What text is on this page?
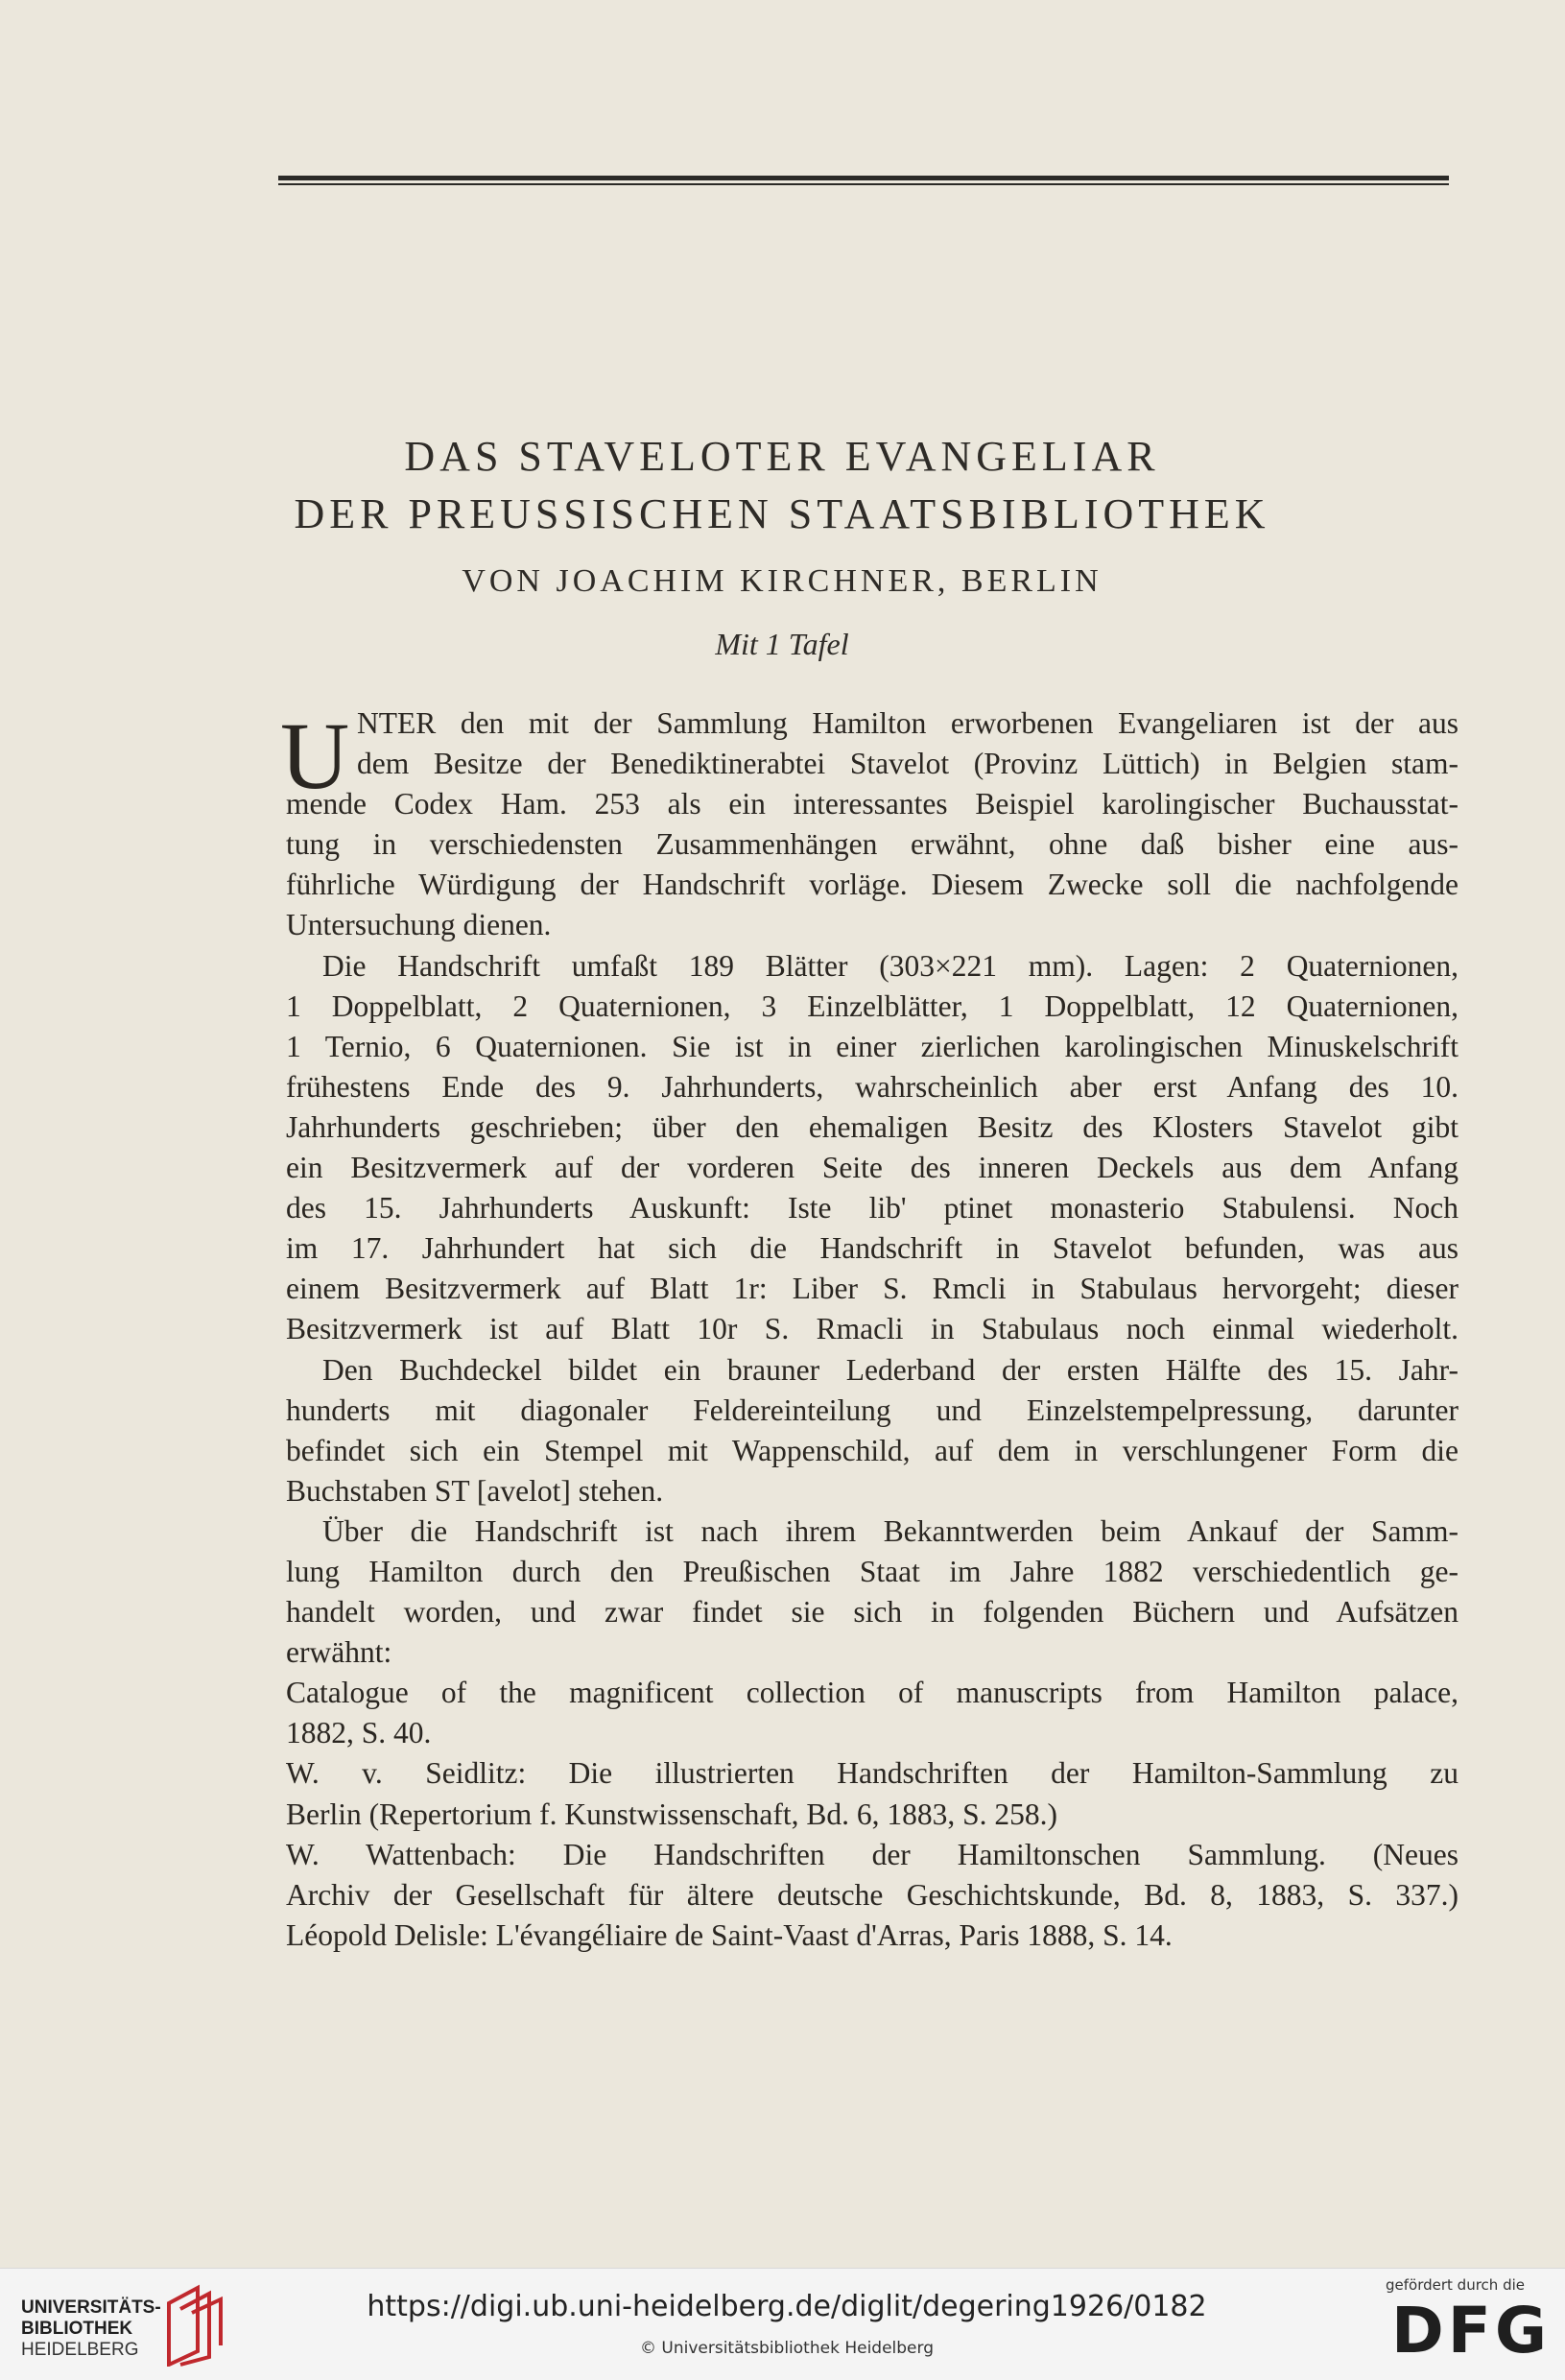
DAS STAVELOTER EVANGELIAR
DER PREUSSISCHEN STAATSBIBLIOTHEK
VON JOACHIM KIRCHNER, BERLIN
Mit 1 Tafel
U NTER den mit der Sammlung Hamilton erworbenen Evangeliaren ist der aus
dem Besitze der Benediktinerabtei Stavelot (Provinz Lüttich) in Belgien stam-
mende Codex Ham. 253 als ein interessantes Beispiel karolingischer Buchausstat-
tung in verschiedensten Zusammenhängen erwähnt, ohne daß bisher eine aus-
führliche Würdigung der Handschrift vorläge. Diesem Zwecke soll die nachfolgende
Untersuchung dienen.
Die Handschrift umfaßt 189 Blätter (303×221 mm). Lagen: 2 Quaternionen,
1 Doppelblatt, 2 Quaternionen, 3 Einzelblätter, 1 Doppelblatt, 12 Quaternionen,
1 Ternio, 6 Quaternionen. Sie ist in einer zierlichen karolingischen Minuskelschrift
frühestens Ende des 9. Jahrhunderts, wahrscheinlich aber erst Anfang des 10.
Jahrhunderts geschrieben; über den ehemaligen Besitz des Klosters Stavelot gibt
ein Besitzvermerk auf der vorderen Seite des inneren Deckels aus dem Anfang
des 15. Jahrhunderts Auskunft: Iste lib' ptinet monasterio Stabulensi. Noch
im 17. Jahrhundert hat sich die Handschrift in Stavelot befunden, was aus
einem Besitzvermerk auf Blatt 1r: Liber S. Rmcli in Stabulaus hervorgeht; dieser
Besitzvermerk ist auf Blatt 10r S. Rmacli in Stabulaus noch einmal wiederholt.
Den Buchdeckel bildet ein brauner Lederband der ersten Hälfte des 15. Jahr-
hunderts mit diagonaler Feldereinteilung und Einzelstempelpressung, darunter
befindet sich ein Stempel mit Wappenschild, auf dem in verschlungener Form die
Buchstaben ST [avelot] stehen.
Über die Handschrift ist nach ihrem Bekanntwerden beim Ankauf der Samm-
lung Hamilton durch den Preußischen Staat im Jahre 1882 verschiedentlich ge-
handelt worden, und zwar findet sie sich in folgenden Büchern und Aufsätzen
erwähnt:
Catalogue of the magnificent collection of manuscripts from Hamilton palace,
1882, S. 40.
W. v. Seidlitz: Die illustrierten Handschriften der Hamilton-Sammlung zu
Berlin (Repertorium f. Kunstwissenschaft, Bd. 6, 1883, S. 258.)
W. Wattenbach: Die Handschriften der Hamiltonschen Sammlung. (Neues
Archiv der Gesellschaft für ältere deutsche Geschichtskunde, Bd. 8, 1883, S. 337.)
Léopold Delisle: L'évangéliaire de Saint-Vaast d'Arras, Paris 1888, S. 14.
UNIVERSITÄTS-
BIBLIOTHEK
HEIDELBERG
https://digi.ub.uni-heidelberg.de/diglit/degering1926/0182
© Universitätsbibliothek Heidelberg
gefördert durch die
DFG
